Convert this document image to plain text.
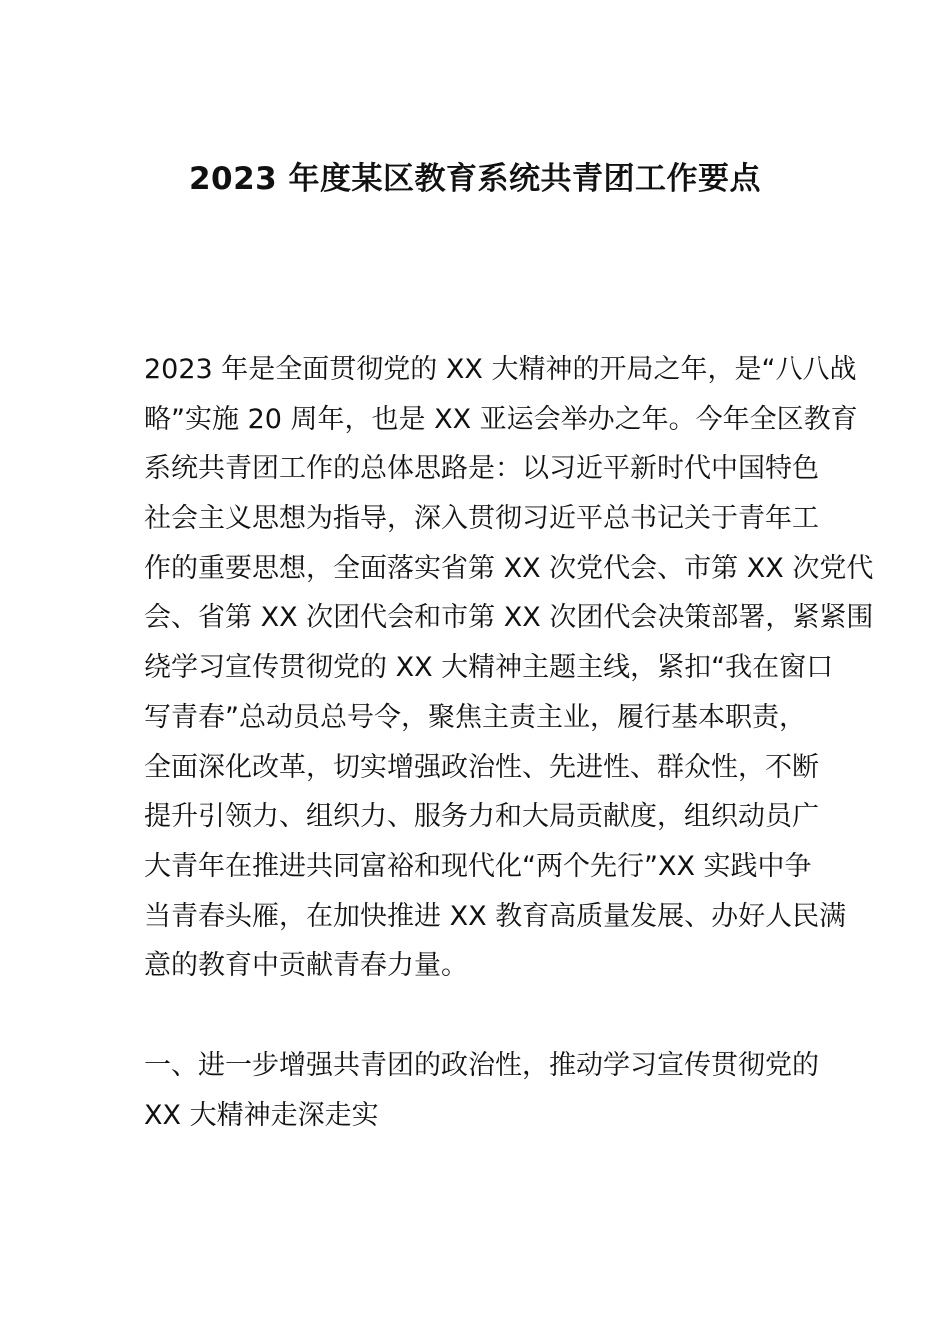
2023 年度某区教育系统共青团工作要点
2023 年是全面贯彻党的 XX 大精神的开局之年，是“八八战
略”实施 20 周年，也是 XX 亚运会举办之年。今年全区教育
系统共青团工作的总体思路是：以习近平新时代中国特色
社会主义思想为指导，深入贯彻习近平总书记关于青年工
作的重要思想，全面落实省第 XX 次党代会、市第 XX 次党代
会、省第 XX 次团代会和市第 XX 次团代会决策部署，紧紧围
绕学习宣传贯彻党的 XX 大精神主题主线，紧扣“我在窗口
写青春”总动员总号令，聚焦主责主业，履行基本职责，
全面深化改革，切实增强政治性、先进性、群众性，不断
提升引领力、组织力、服务力和大局贡献度，组织动员广
大青年在推进共同富裕和现代化“两个先行”XX 实践中争
当青春头雁，在加快推进 XX 教育高质量发展、办好人民满
意的教育中贡献青春力量。
一、进一步增强共青团的政治性，推动学习宣传贯彻党的
XX 大精神走深走实
